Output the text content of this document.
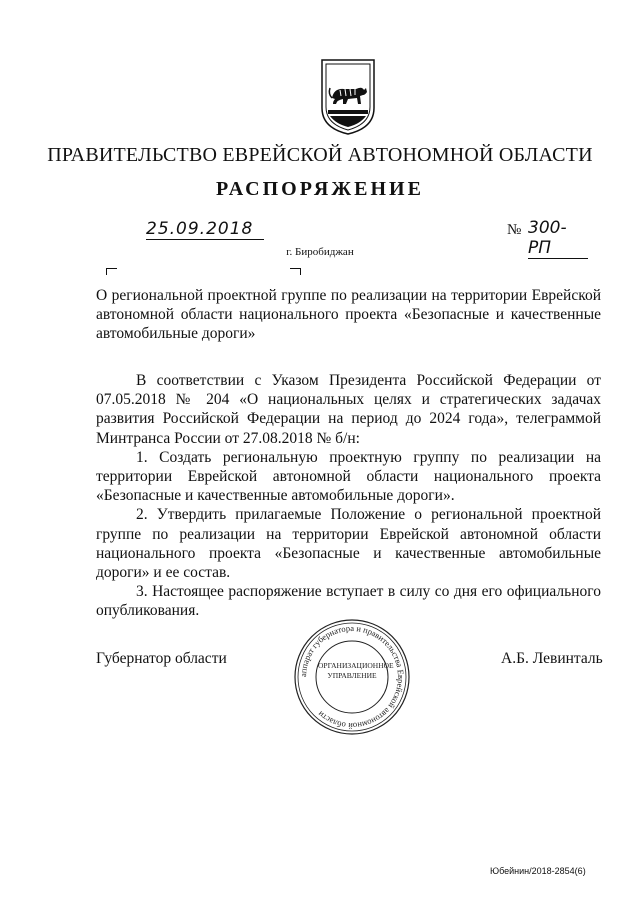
ПРАВИТЕЛЬСТВО ЕВРЕЙСКОЙ АВТОНОМНОЙ ОБЛАСТИ
РАСПОРЯЖЕНИЕ
25.09.2018	№ 300-РП
г. Биробиджан
О региональной проектной группе по реализации на территории Еврейской автономной области национального проекта «Безопасные и качественные автомобильные дороги»

В соответствии с Указом Президента Российской Федерации от 07.05.2018 № 204 «О национальных целях и стратегических задачах развития Российской Федерации на период до 2024 года», телеграммой Минтранса России от 27.08.2018 № б/н:

1. Создать региональную проектную группу по реализации на территории Еврейской автономной области национального проекта «Безопасные и качественные автомобильные дороги».

2. Утвердить прилагаемые Положение о региональной проектной группе по реализации на территории Еврейской автономной области национального проекта «Безопасные и качественные автомобильные дороги» и ее состав.

3. Настоящее распоряжение вступает в силу со дня его официального опубликования.

Губернатор области	А.Б. Левинталь
аппарат губернатора и правительства Еврейской автономной области
ОРГАНИЗАЦИОННОЕ УПРАВЛЕНИЕ
Юбейнин/2018-2854(6)
